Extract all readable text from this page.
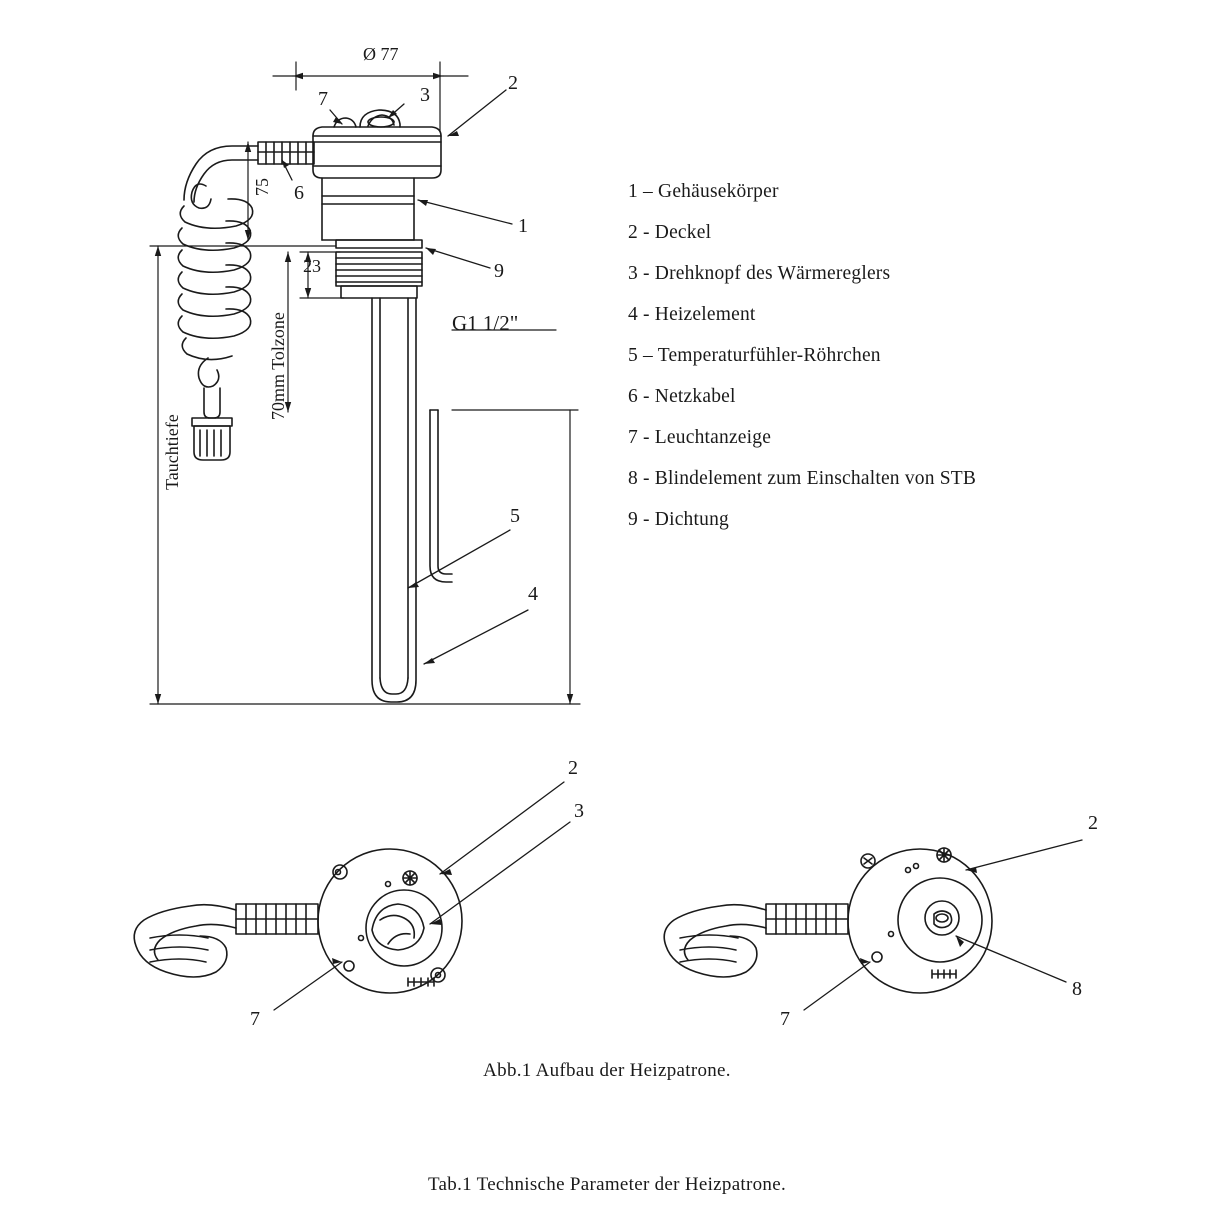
Ø 77
75
23
70mm Tolzone
Tauchtiefe
G1 1/2"
7	3
2
6
1
9
5
4
2
3
7
2
7
8
1 – Gehäusekörper
2 - Deckel
3 - Drehknopf des Wärmereglers
4 - Heizelement
5 – Temperaturfühler-Röhrchen
6 - Netzkabel
7 - Leuchtanzeige
8 - Blindelement zum Einschalten von STB
9 - Dichtung
Abb.1 Aufbau der Heizpatrone.
Tab.1 Technische Parameter der Heizpatrone.
